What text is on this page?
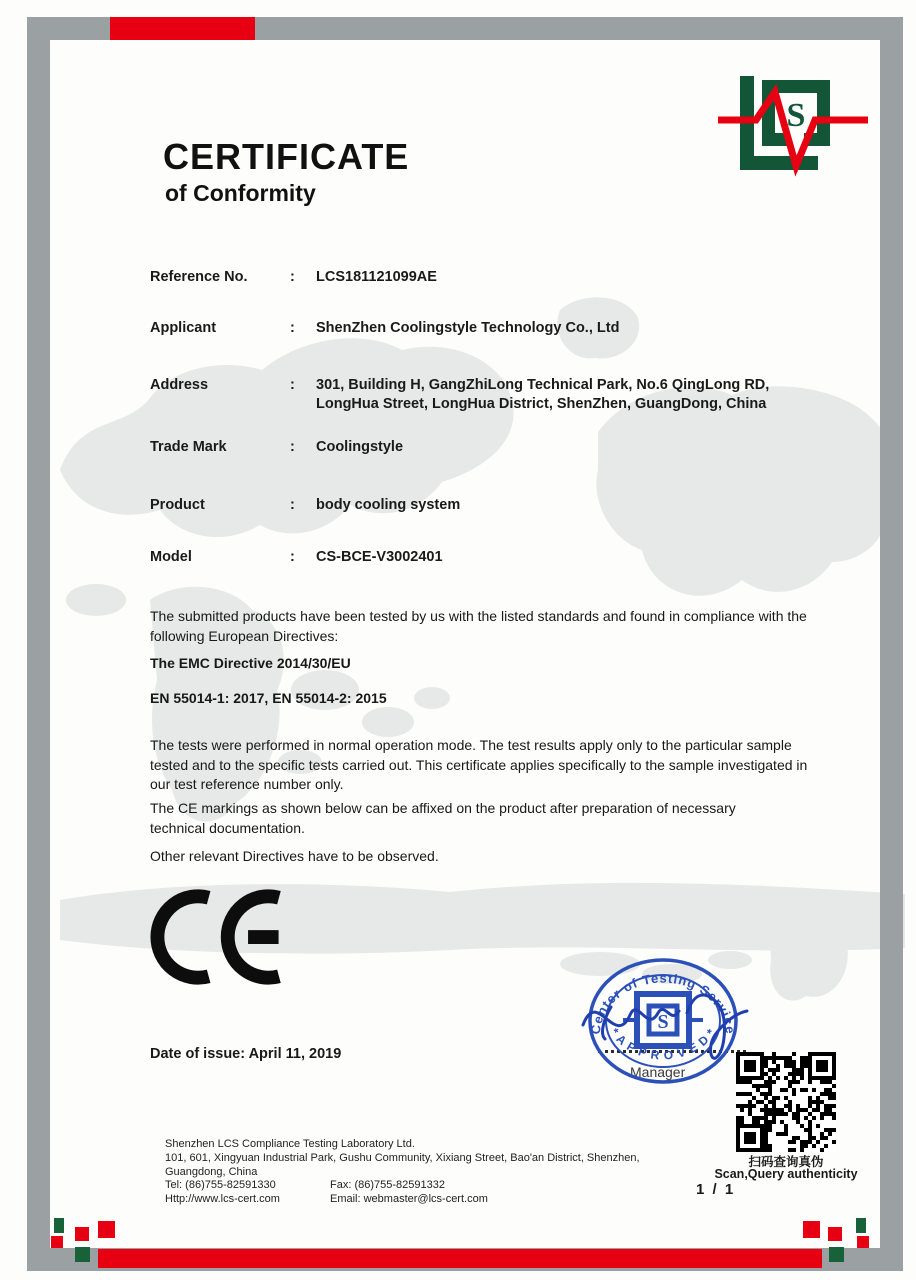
S
CERTIFICATE
of Conformity
Reference No.	:	LCS181121099AE
Applicant	:	ShenZhen Coolingstyle Technology Co., Ltd
Address	:	301, Building H, GangZhiLong Technical Park, No.6 QingLong RD, LongHua Street, LongHua District, ShenZhen, GuangDong, China
Trade Mark	:	Coolingstyle
Product	:	body cooling system
Model	:	CS-BCE-V3002401
The submitted products have been tested by us with the listed standards and found in compliance with the following European Directives:
The EMC Directive 2014/30/EU
EN 55014-1: 2017, EN 55014-2: 2015
The tests were performed in normal operation mode. The test results apply only to the particular sample tested and to the specific tests carried out. This certificate applies specifically to the sample investigated in our test reference number only.
The CE markings as shown below can be affixed on the product after preparation of necessary technical documentation.
Other relevant Directives have to be observed.
Date of issue: April 11, 2019
Center of Testing Service
* A P P R O V E D *
S
Manager
扫码查询真伪
Scan,Query authenticity
1 / 1
Shenzhen LCS Compliance Testing Laboratory Ltd.
101, 601, Xingyuan Industrial Park, Gushu Community, Xixiang Street, Bao'an District, Shenzhen,
Guangdong, China
Tel: (86)755-82591330	Fax: (86)755-82591332
Http://www.lcs-cert.com	Email: webmaster@lcs-cert.com
